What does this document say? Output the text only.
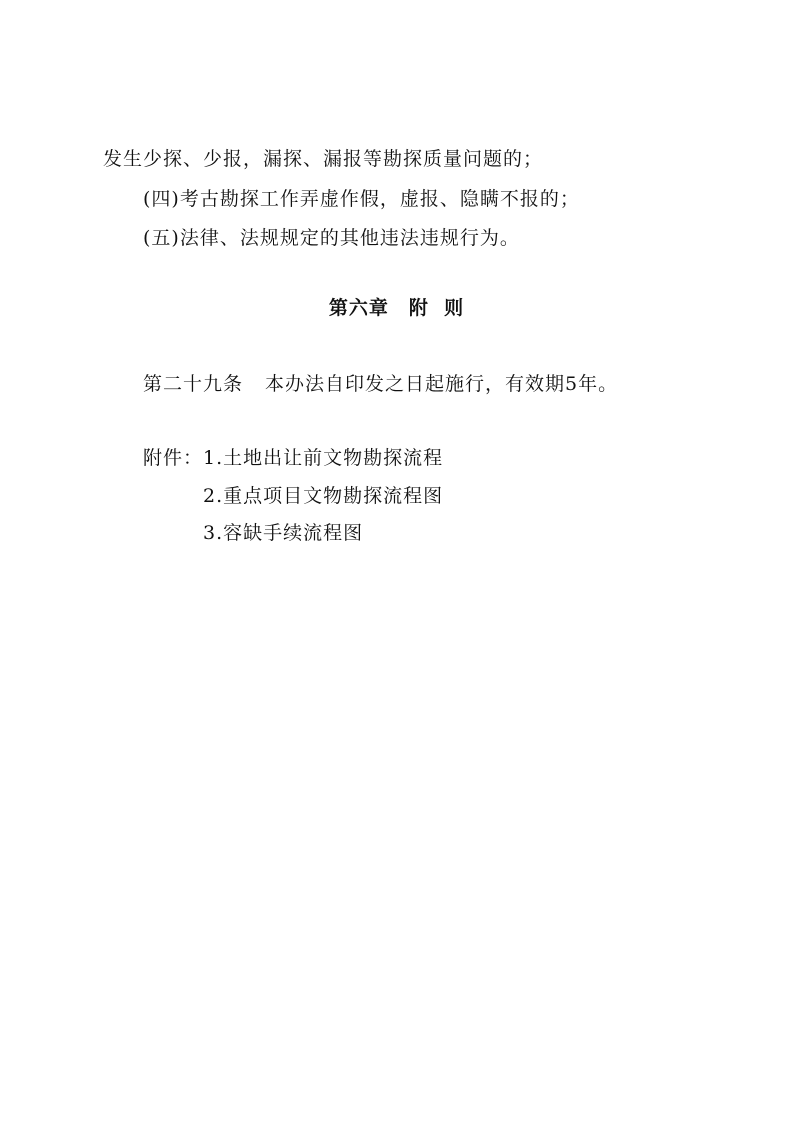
发生少探、少报，漏探、漏报等勘探质量问题的；
(四)考古勘探工作弄虚作假，虚报、隐瞒不报的；
(五)法律、法规规定的其他违法违规行为。
第六章 附  则
第二十九条 本办法自印发之日起施行，有效期5年。
附件：1.土地出让前文物勘探流程
2.重点项目文物勘探流程图
3.容缺手续流程图
